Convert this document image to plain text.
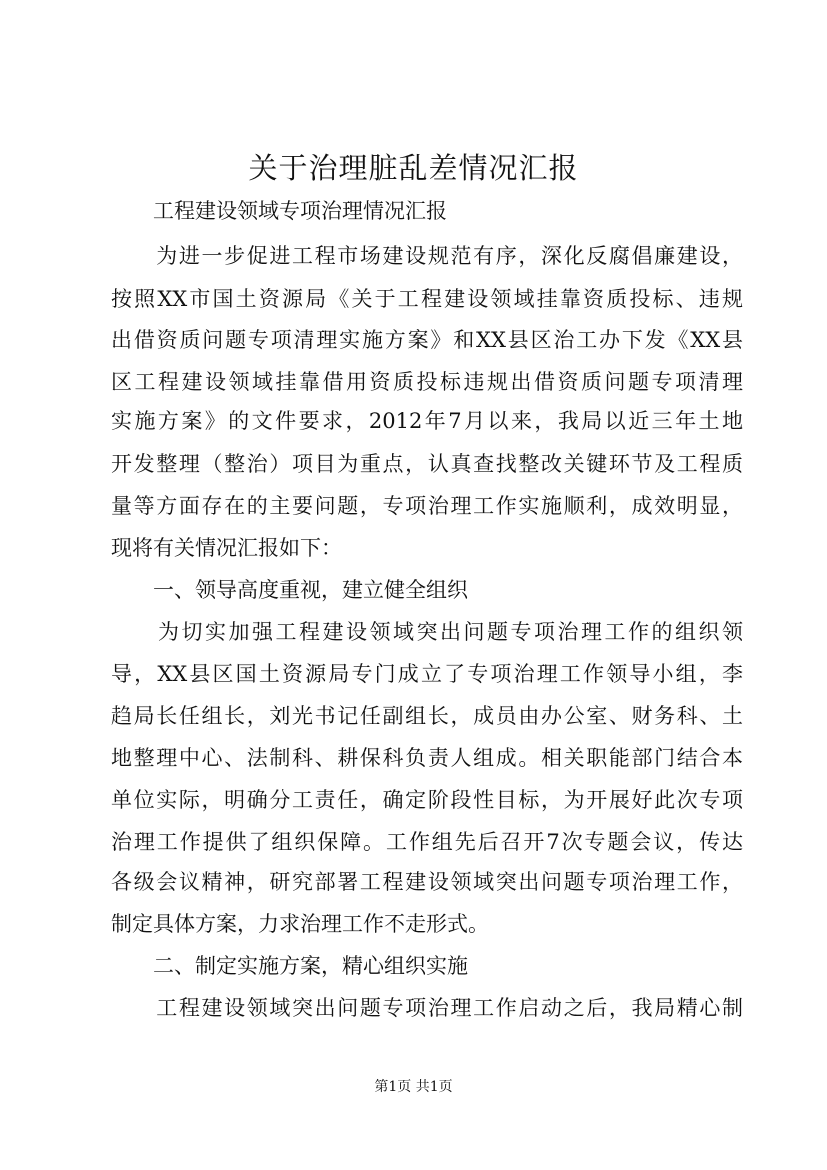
关于治理脏乱差情况汇报
　　工程建设领域专项治理情况汇报
　　为进一步促进工程市场建设规范有序，深化反腐倡廉建设，
按照XX市国土资源局《关于工程建设领域挂靠资质投标、违规
出借资质问题专项清理实施方案》和XX县区治工办下发《XX县
区工程建设领域挂靠借用资质投标违规出借资质问题专项清理
实施方案》的文件要求，2012年7月以来，我局以近三年土地
开发整理（整治）项目为重点，认真查找整改关键环节及工程质
量等方面存在的主要问题，专项治理工作实施顺利，成效明显，
现将有关情况汇报如下：
　　一、领导高度重视，建立健全组织
　　为切实加强工程建设领域突出问题专项治理工作的组织领
导，XX县区国土资源局专门成立了专项治理工作领导小组，李
趋局长任组长，刘光书记任副组长，成员由办公室、财务科、土
地整理中心、法制科、耕保科负责人组成。相关职能部门结合本
单位实际，明确分工责任，确定阶段性目标，为开展好此次专项
治理工作提供了组织保障。工作组先后召开7次专题会议，传达
各级会议精神，研究部署工程建设领域突出问题专项治理工作，
制定具体方案，力求治理工作不走形式。
　　二、制定实施方案，精心组织实施
　　工程建设领域突出问题专项治理工作启动之后，我局精心制
第1页 共1页
